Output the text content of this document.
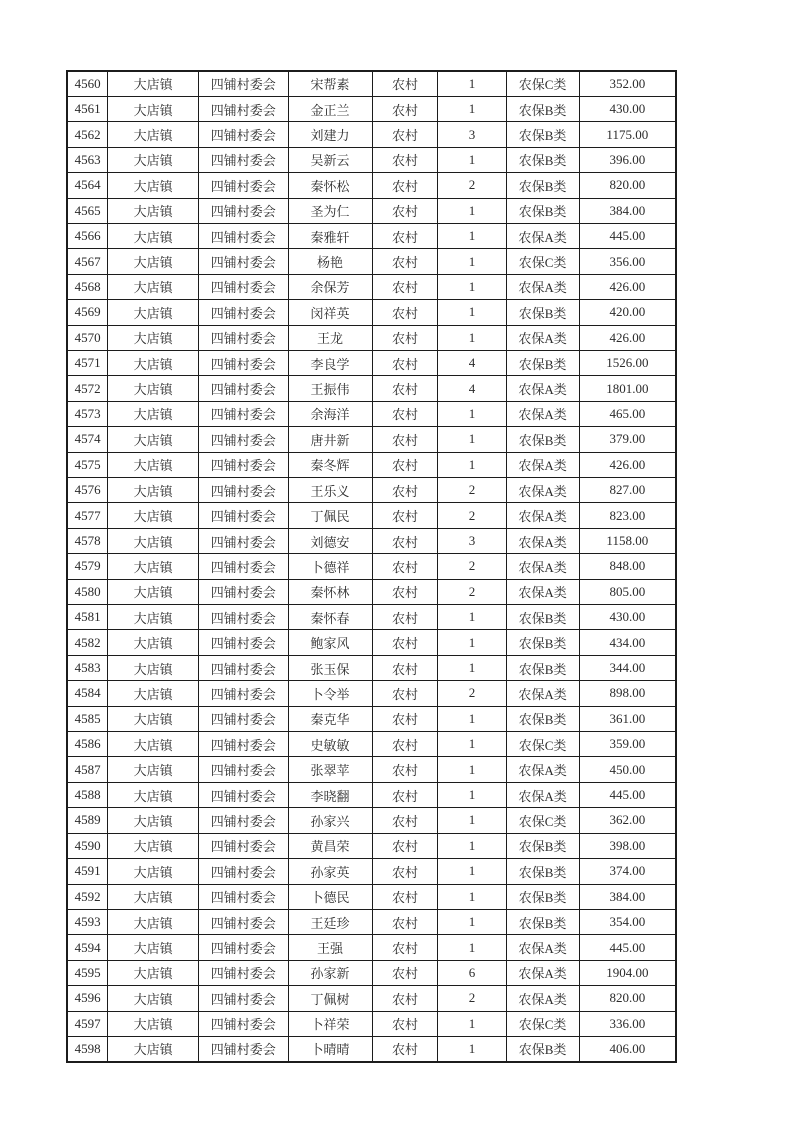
4560	大店镇	四铺村委会	宋帮素	农村	1	农保C类	352.00
4561	大店镇	四铺村委会	金正兰	农村	1	农保B类	430.00
4562	大店镇	四铺村委会	刘建力	农村	3	农保B类	1175.00
4563	大店镇	四铺村委会	吴新云	农村	1	农保B类	396.00
4564	大店镇	四铺村委会	秦怀松	农村	2	农保B类	820.00
4565	大店镇	四铺村委会	圣为仁	农村	1	农保B类	384.00
4566	大店镇	四铺村委会	秦雅轩	农村	1	农保A类	445.00
4567	大店镇	四铺村委会	杨艳	农村	1	农保C类	356.00
4568	大店镇	四铺村委会	余保芳	农村	1	农保A类	426.00
4569	大店镇	四铺村委会	闵祥英	农村	1	农保B类	420.00
4570	大店镇	四铺村委会	王龙	农村	1	农保A类	426.00
4571	大店镇	四铺村委会	李良学	农村	4	农保B类	1526.00
4572	大店镇	四铺村委会	王振伟	农村	4	农保A类	1801.00
4573	大店镇	四铺村委会	余海洋	农村	1	农保A类	465.00
4574	大店镇	四铺村委会	唐井新	农村	1	农保B类	379.00
4575	大店镇	四铺村委会	秦冬辉	农村	1	农保A类	426.00
4576	大店镇	四铺村委会	王乐义	农村	2	农保A类	827.00
4577	大店镇	四铺村委会	丁佩民	农村	2	农保A类	823.00
4578	大店镇	四铺村委会	刘德安	农村	3	农保A类	1158.00
4579	大店镇	四铺村委会	卜德祥	农村	2	农保A类	848.00
4580	大店镇	四铺村委会	秦怀林	农村	2	农保A类	805.00
4581	大店镇	四铺村委会	秦怀春	农村	1	农保B类	430.00
4582	大店镇	四铺村委会	鲍家风	农村	1	农保B类	434.00
4583	大店镇	四铺村委会	张玉保	农村	1	农保B类	344.00
4584	大店镇	四铺村委会	卜令举	农村	2	农保A类	898.00
4585	大店镇	四铺村委会	秦克华	农村	1	农保B类	361.00
4586	大店镇	四铺村委会	史敏敏	农村	1	农保C类	359.00
4587	大店镇	四铺村委会	张翠苹	农村	1	农保A类	450.00
4588	大店镇	四铺村委会	李晓翻	农村	1	农保A类	445.00
4589	大店镇	四铺村委会	孙家兴	农村	1	农保C类	362.00
4590	大店镇	四铺村委会	黄昌荣	农村	1	农保B类	398.00
4591	大店镇	四铺村委会	孙家英	农村	1	农保B类	374.00
4592	大店镇	四铺村委会	卜德民	农村	1	农保B类	384.00
4593	大店镇	四铺村委会	王廷珍	农村	1	农保B类	354.00
4594	大店镇	四铺村委会	王强	农村	1	农保A类	445.00
4595	大店镇	四铺村委会	孙家新	农村	6	农保A类	1904.00
4596	大店镇	四铺村委会	丁佩树	农村	2	农保A类	820.00
4597	大店镇	四铺村委会	卜祥荣	农村	1	农保C类	336.00
4598	大店镇	四铺村委会	卜晴晴	农村	1	农保B类	406.00
